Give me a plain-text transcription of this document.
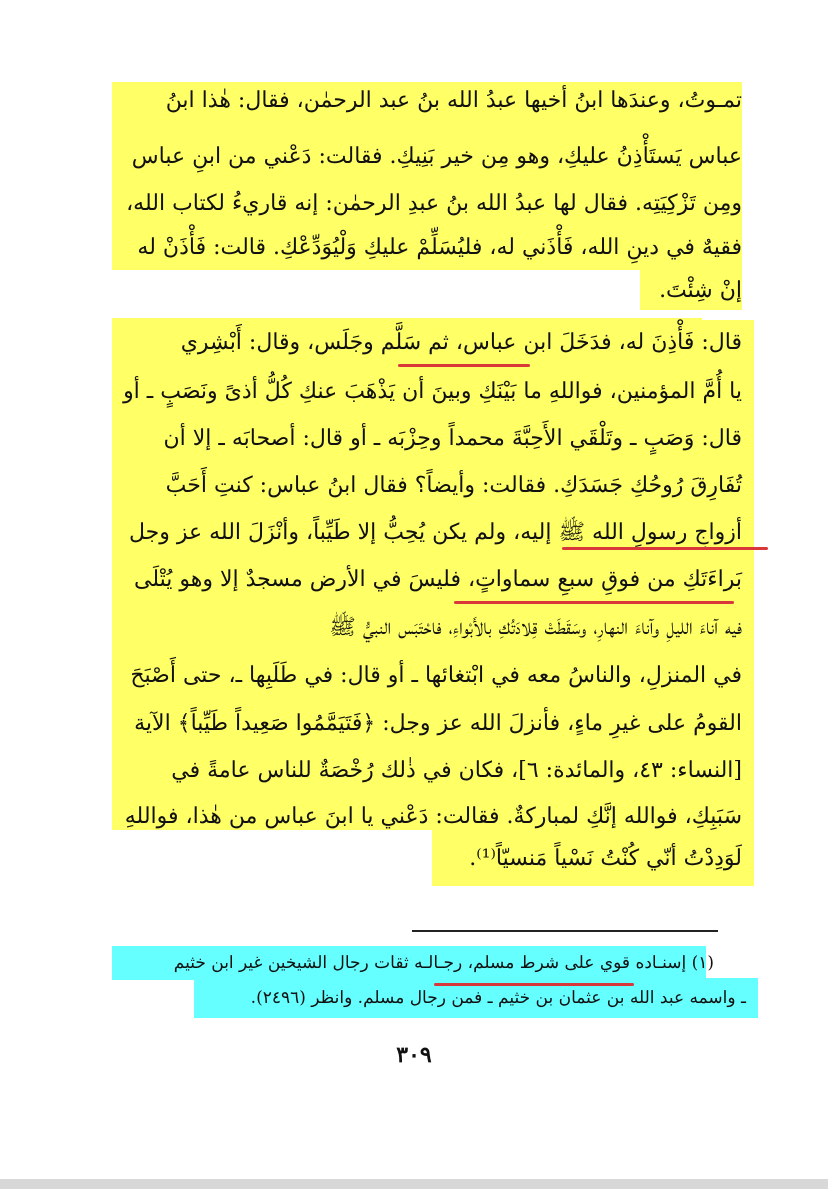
تمـوتُ، وعندَها ابنُ أخيها عبدُ الله بنُ عبد الرحمٰن، فقال: هٰذا ابنُ
عباس يَستَأْذِنُ عليكِ، وهو مِن خير بَنِيكِ. فقالت: دَعْني من ابنِ عباس
ومِن تَزْكِيَتِه. فقال لها عبدُ الله بنُ عبدِ الرحمٰن: إنه قاريءُ لكتاب الله،
فقيهٌ في دينِ الله، فَأْذَني له، فليُسَلِّمْ عليكِ وَلْيُوَدِّعْكِ. قالت: فَأْذَنْ له
إنْ شِئْتَ.
قال: فَأْذِنَ له، فدَخَلَ ابن عباس، ثم سَلَّم وجَلَس، وقال: أَبْشِري
يا أُمَّ المؤمنين، فواللهِ ما بَيْنَكِ وبينَ أن يَذْهَبَ عنكِ كُلُّ أذىً ونَصَبٍ ـ أو
قال: وَصَبٍ ـ وتَلْقَي الأَحِبَّةَ محمداً وحِزْبَه ـ أو قال: أصحابَه ـ إلا أن
تُفَارِقَ رُوحُكِ جَسَدَكِ. فقالت: وأيضاً؟ فقال ابنُ عباس: كنتِ أَحَبَّ
أزواجِ رسولِ الله ﷺ إليه، ولم يكن يُحِبُّ إلا طَيِّباً، وأنْزَلَ الله عز وجل
بَراءَتَكِ من فوقِ سبعِ سماواتٍ، فليسَ في الأرض مسجدٌ إلا وهو يُتْلَى
فيه آناءَ الليلِ وآناءَ النهارِ، وسَقَطَتْ قِلادَتُكِ بالأَبْواءِ، فاحْتَبَس النبيُّ ﷺ
في المنزلِ، والناسُ معه في ابْتغائها ـ أو قال: في طَلَبِها ـ، حتى أَصْبَحَ
القومُ على غيرِ ماءٍ، فأنزلَ الله عز وجل: ﴿فَتَيَمَّمُوا صَعِيداً طَيِّباً﴾ الآية
[النساء: ٤٣، والمائدة: ٦]، فكان في ذٰلك رُخْصَةٌ للناس عامةً في
سَبَبِكِ، فوالله إنَّكِ لمباركةٌ. فقالت: دَعْني يا ابنَ عباس من هٰذا، فواللهِ
لَوَدِدْتُ أنّي كُنْتُ نَسْياً مَنسيّاً⁽¹⁾.
(١) إسنـاده قوي على شرط مسلم، رجـالـه ثقات رجال الشيخين غير ابن خثيم
ـ واسمه عبد الله بن عثمان بن خثيم ـ فمن رجال مسلم. وانظر (٢٤٩٦).
٣٠٩
